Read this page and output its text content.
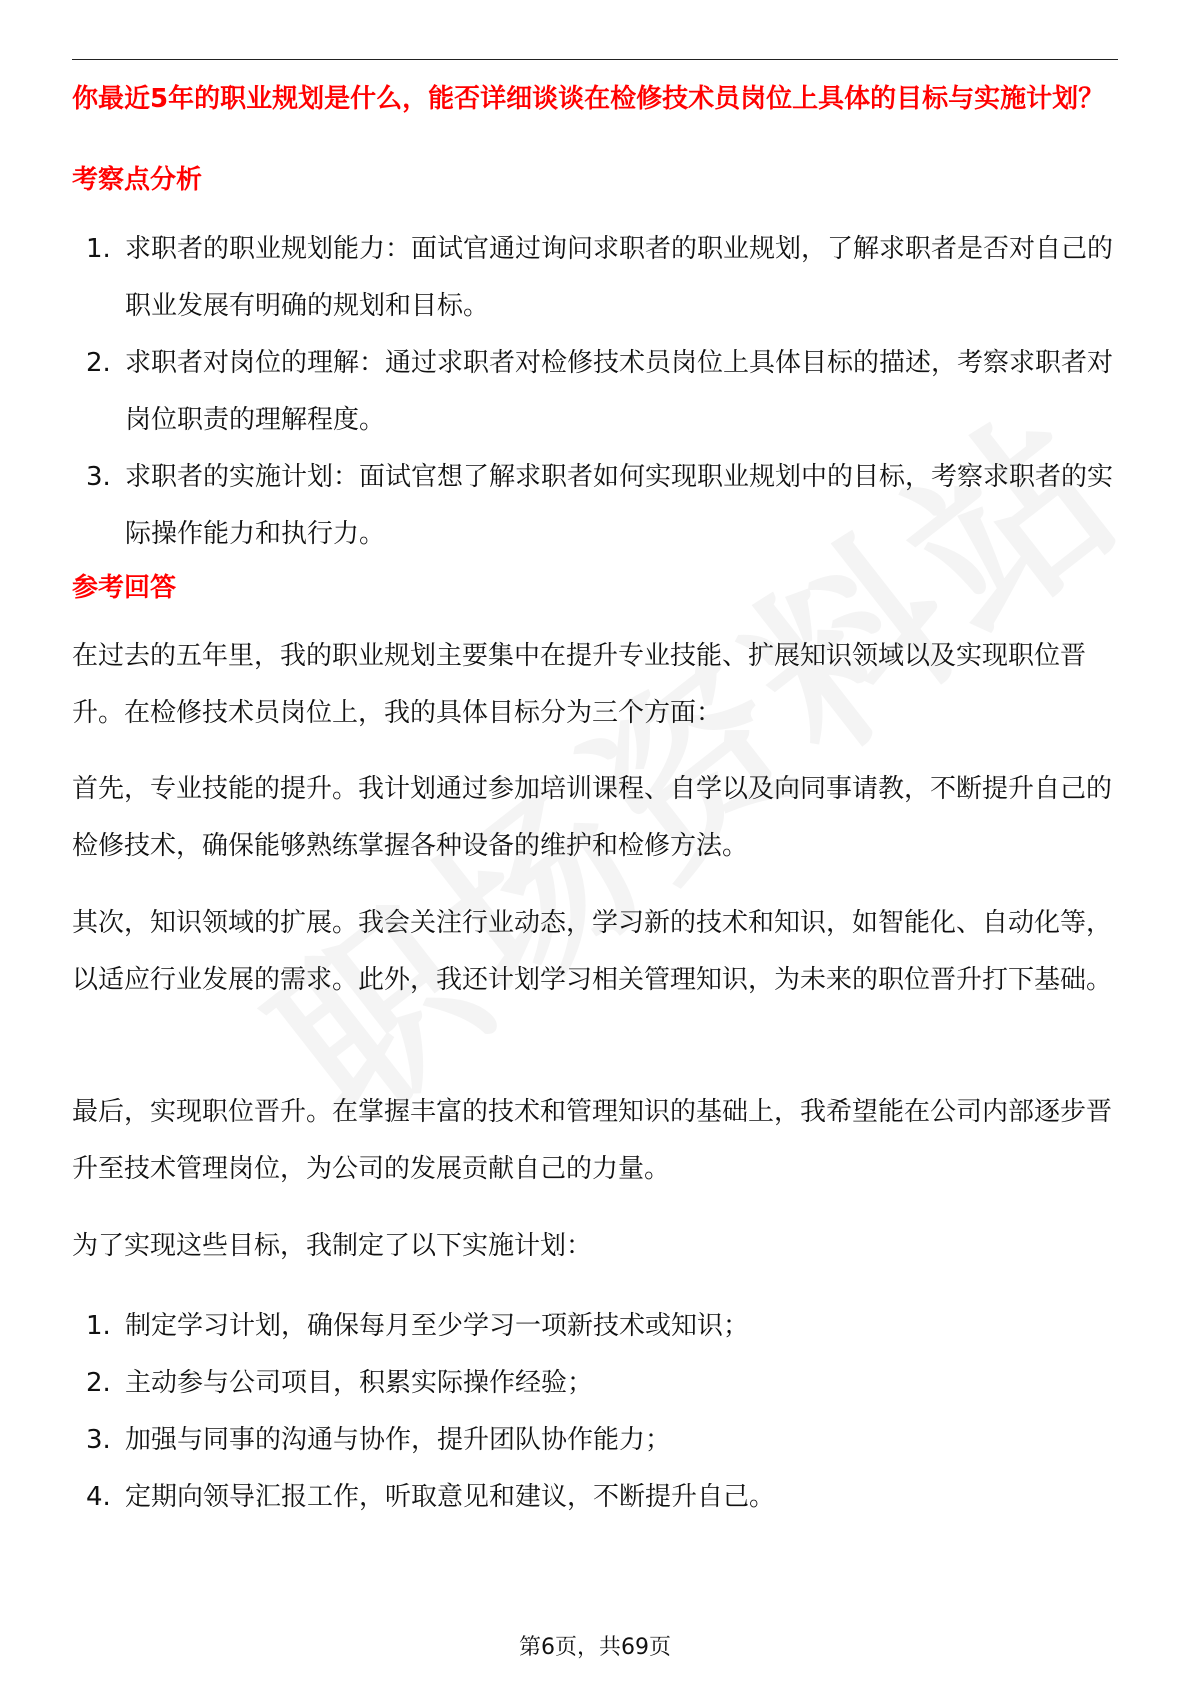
你最近5年的职业规划是什么，能否详细谈谈在检修技术员岗位上具体的目标与实施计划？
考察点分析
1. 求职者的职业规划能力：面试官通过询问求职者的职业规划，了解求职者是否对自己的职业发展有明确的规划和目标。
2. 求职者对岗位的理解：通过求职者对检修技术员岗位上具体目标的描述，考察求职者对岗位职责的理解程度。
3. 求职者的实施计划：面试官想了解求职者如何实现职业规划中的目标，考察求职者的实际操作能力和执行力。
参考回答

在过去的五年里，我的职业规划主要集中在提升专业技能、扩展知识领域以及实现职位晋升。在检修技术员岗位上，我的具体目标分为三个方面：

首先，专业技能的提升。我计划通过参加培训课程、自学以及向同事请教，不断提升自己的检修技术，确保能够熟练掌握各种设备的维护和检修方法。

其次，知识领域的扩展。我会关注行业动态，学习新的技术和知识，如智能化、自动化等，以适应行业发展的需求。此外，我还计划学习相关管理知识，为未来的职位晋升打下基础。

最后，实现职位晋升。在掌握丰富的技术和管理知识的基础上，我希望能在公司内部逐步晋升至技术管理岗位，为公司的发展贡献自己的力量。

为了实现这些目标，我制定了以下实施计划：

1. 制定学习计划，确保每月至少学习一项新技术或知识；
2. 主动参与公司项目，积累实际操作经验；
3. 加强与同事的沟通与协作，提升团队协作能力；
4. 定期向领导汇报工作，听取意见和建议，不断提升自己。
第6页，共69页
